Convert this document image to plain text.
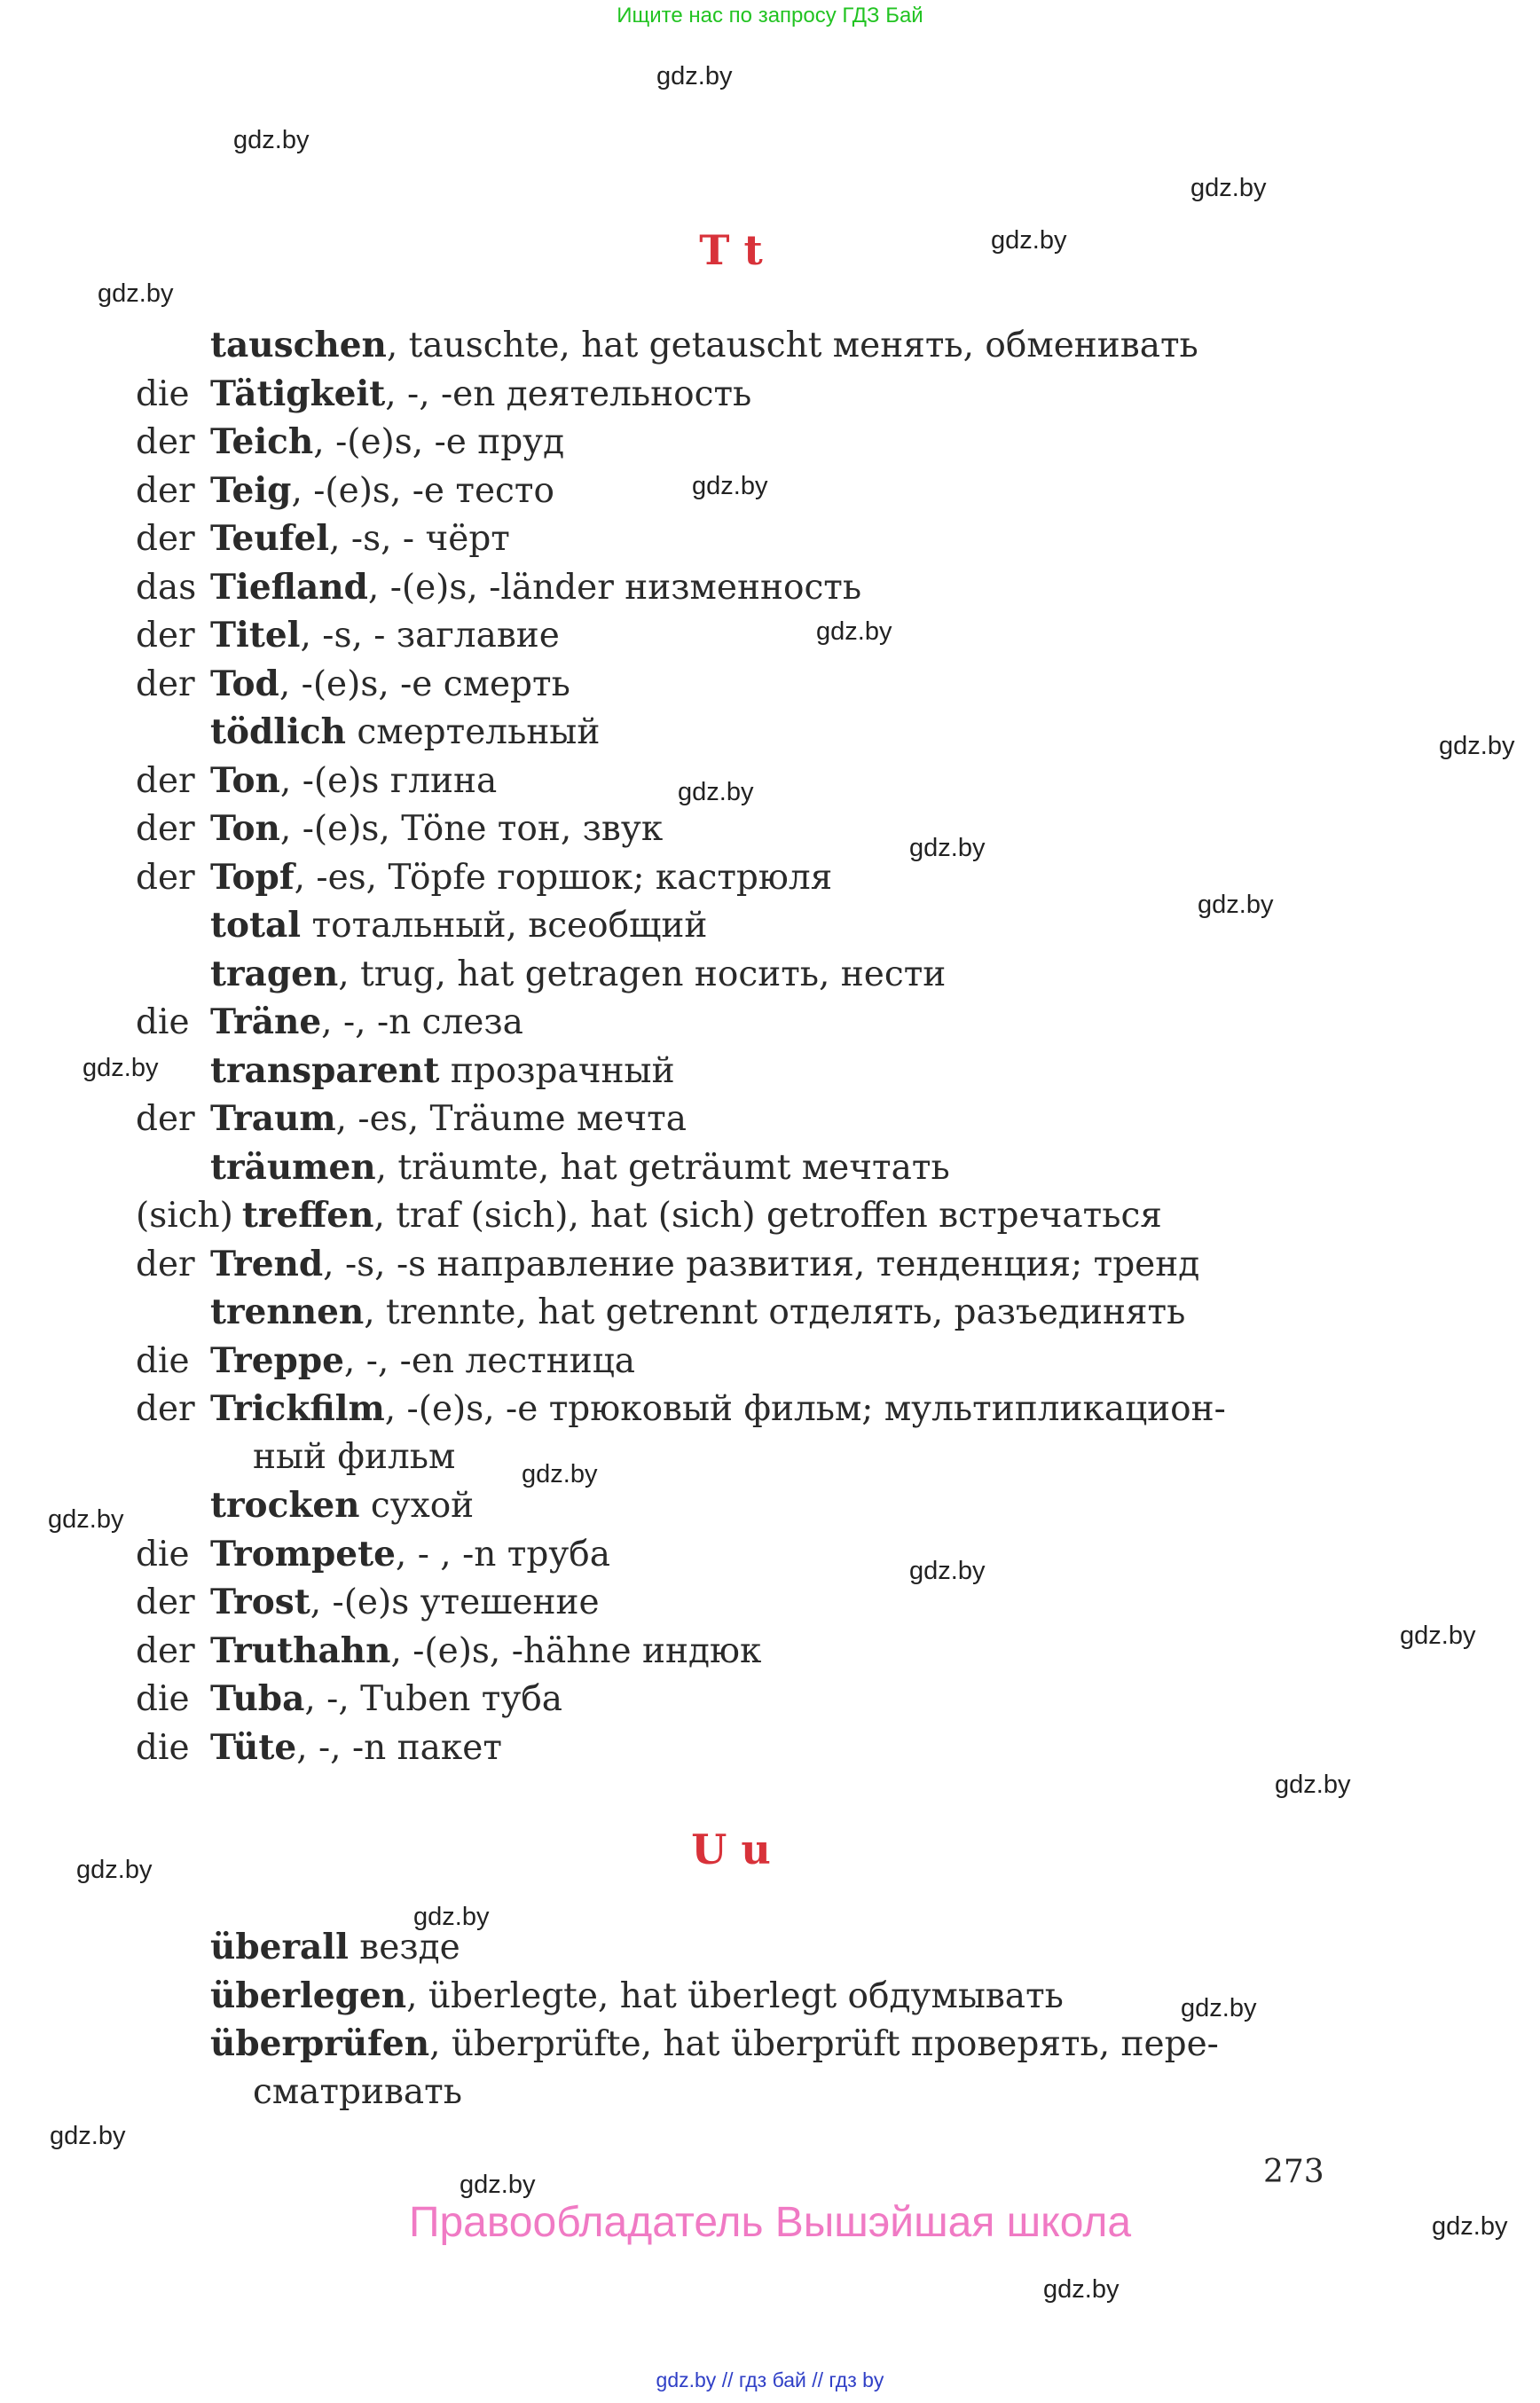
Ищите нас по запросу ГДЗ Бай
gdz.by
gdz.by
gdz.by
gdz.by
gdz.by
gdz.by
gdz.by
gdz.by
gdz.by
gdz.by
gdz.by
gdz.by
gdz.by
gdz.by
gdz.by
gdz.by
gdz.by
gdz.by
gdz.by
gdz.by
gdz.by
gdz.by
gdz.by
gdz.by
T t
tauschen, tauschte, hat getauscht менять, обменивать
die Tätigkeit, -, -en деятельность
der Teich, -(e)s, -e пруд
der Teig, -(e)s, -e тесто
der Teufel, -s, - чёрт
das Tiefland, -(e)s, -länder низменность
der Titel, -s, - заглавие
der Tod, -(e)s, -e смерть
tödlich смертельный
der Ton, -(e)s глина
der Ton, -(e)s, Töne тон, звук
der Topf, -es, Töpfe горшок; кастрюля
total тотальный, всеобщий
tragen, trug, hat getragen носить, нести
die Träne, -, -n слеза
transparent прозрачный
der Traum, -es, Träume мечта
träumen, träumte, hat geträumt мечтать
(sich) treffen, traf (sich), hat (sich) getroffen встречаться
der Trend, -s, -s направление развития, тенденция; тренд
trennen, trennte, hat getrennt отделять, разъединять
die Treppe, -, -en лестница
der Trickfilm, -(e)s, -e трюковый фильм; мультипликацион-
ный фильм
trocken сухой
die Trompete, - , -n труба
der Trost, -(e)s утешение
der Truthahn, -(e)s, -hähne индюк
die Tuba, -, Tuben туба
die Tüte, -, -n пакет
U u
überall везде
überlegen, überlegte, hat überlegt обдумывать
überprüfen, überprüfte, hat überprüft проверять, пере-
сматривать
273
Правообладатель Вышэйшая школа
gdz.by // гдз бай // гдз by
